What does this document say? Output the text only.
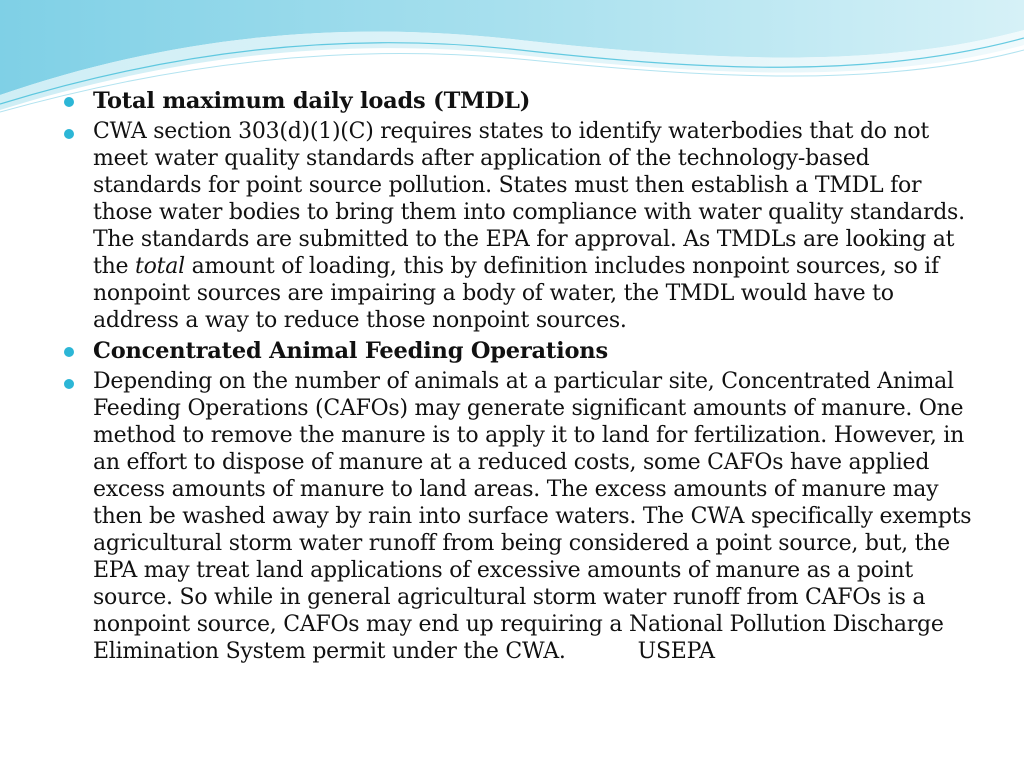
Total maximum daily loads (TMDL)
CWA section 303(d)(1)(C) requires states to identify waterbodies that do not meet water quality standards after application of the technology-based standards for point source pollution. States must then establish a TMDL for those water bodies to bring them into compliance with water quality standards. The standards are submitted to the EPA for approval. As TMDLs are looking at the total amount of loading, this by definition includes nonpoint sources, so if nonpoint sources are impairing a body of water, the TMDL would have to address a way to reduce those nonpoint sources.
Concentrated Animal Feeding Operations
Depending on the number of animals at a particular site, Concentrated Animal Feeding Operations (CAFOs) may generate significant amounts of manure. One method to remove the manure is to apply it to land for fertilization. However, in an effort to dispose of manure at a reduced costs, some CAFOs have applied excess amounts of manure to land areas. The excess amounts of manure may then be washed away by rain into surface waters. The CWA specifically exempts agricultural storm water runoff from being considered a point source, but, the EPA may treat land applications of excessive amounts of manure as a point source. So while in general agricultural storm water runoff from CAFOs is a nonpoint source, CAFOs may end up requiring a National Pollution Discharge Elimination System permit under the CWA.	USEPA
